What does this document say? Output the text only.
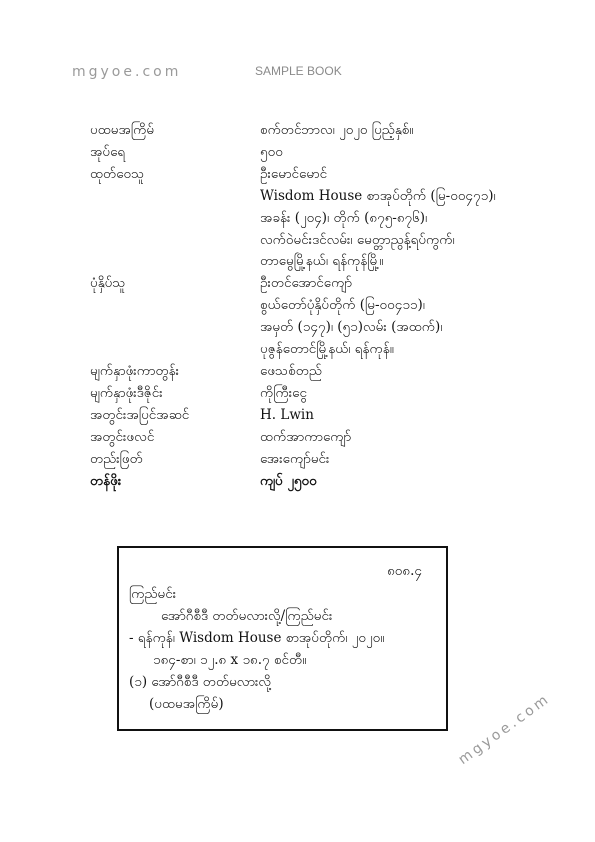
mgyoe.com	SAMPLE BOOK
ပထမအကြိမ်	စက်တင်ဘာလ၊ ၂၀၂၀ ပြည့်နှစ်။
အုပ်ရေ	၅၀၀
ထုတ်ဝေသူ	ဦးမောင်မောင်
Wisdom House စာအုပ်တိုက် (မြ-၀၀၄၇၁)၊
အခန်း (၂၀၄)၊ တိုက် (၈၇၅-၈၇၆)၊
လက်ဝဲမင်းဒင်လမ်း၊ မေတ္တာညွန့်ရပ်ကွက်၊
တာမွေမြို့နယ်၊ ရန်ကုန်မြို့။
ပုံနှိပ်သူ	ဦးတင်အောင်ကျော်
စွယ်တော်ပုံနှိပ်တိုက် (မြ-၀၀၄၁၁)၊
အမှတ် (၁၄၇)၊ (၅၁)လမ်း (အထက်)၊
ပုဇွန်တောင်မြို့နယ်၊ ရန်ကုန်။
မျက်နှာဖုံးကာတွန်း	ဖေသစ်တည်
မျက်နှာဖုံးဒီဇိုင်း	ကိုကြီးငွေ
အတွင်းအပြင်အဆင်	H. Lwin
အတွင်းဖလင်	ထက်အာကာကျော်
တည်းဖြတ်	အေးကျော်မင်း
တန်ဖိုး	ကျပ် ၂၅၀၀
၈၀၈.၄
ကြည်မင်း
အော်ဂီစီဒီ တတ်မလားလို့/ကြည်မင်း
- ရန်ကုန်၊ Wisdom House စာအုပ်တိုက်၊ ၂၀၂၀။
၁၈၄-စာ၊ ၁၂.၈ x ၁၈.၇ စင်တီ။
(၁) အော်ဂီစီဒီ တတ်မလားလို့
(ပထမအကြိမ်)	mgyoe.com
